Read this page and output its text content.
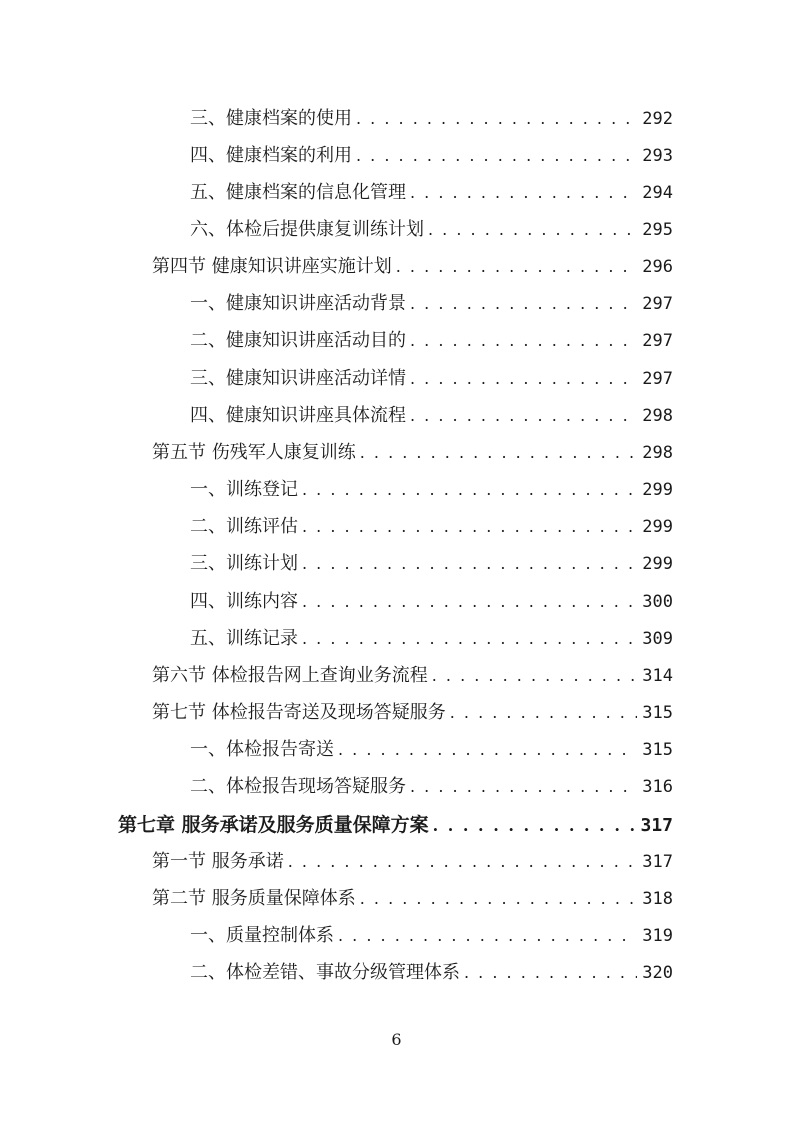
三、健康档案的使用 . . .	292
四、健康档案的利用 . . .	293
五、健康档案的信息化管理 . . .	294
六、体检后提供康复训练计划 . . .	295
第四节 健康知识讲座实施计划 . . .	296
一、健康知识讲座活动背景 . . .	297
二、健康知识讲座活动目的 . . .	297
三、健康知识讲座活动详情 . . .	297
四、健康知识讲座具体流程 . . .	298
第五节 伤残军人康复训练 . . .	298
一、训练登记 . . .	299
二、训练评估 . . .	299
三、训练计划 . . .	299
四、训练内容 . . .	300
五、训练记录 . . .	309
第六节 体检报告网上查询业务流程 . . .	314
第七节 体检报告寄送及现场答疑服务 . . .	315
一、体检报告寄送 . . .	315
二、体检报告现场答疑服务 . . .	316
第七章 服务承诺及服务质量保障方案 . . .	317
第一节 服务承诺 . . .	317
第二节 服务质量保障体系 . . .	318
一、质量控制体系 . . .	319
二、体检差错、事故分级管理体系 . . .	320
6
